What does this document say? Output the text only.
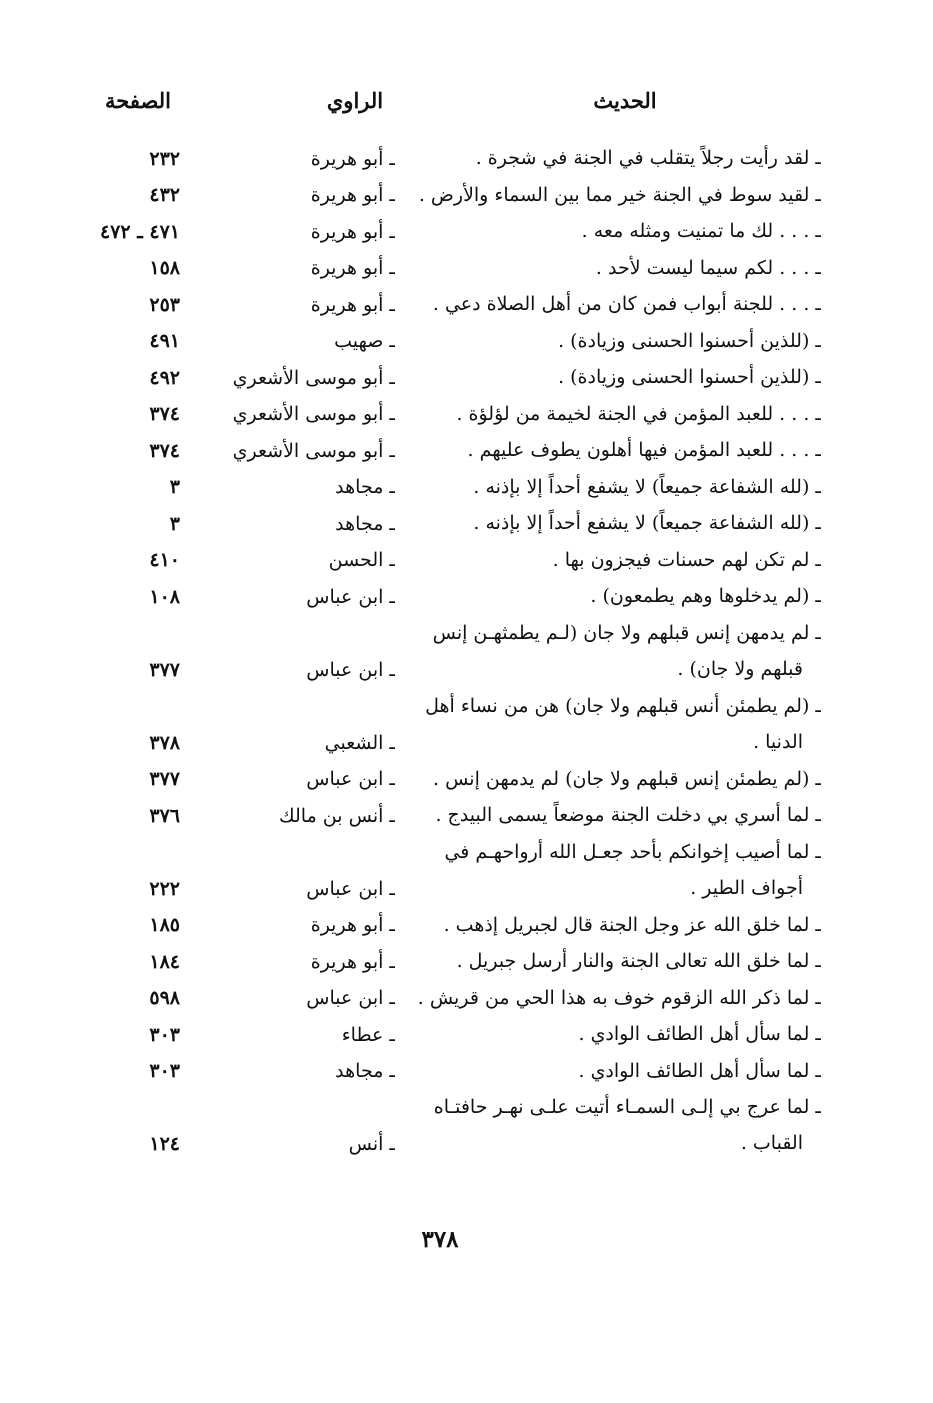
الحديث
الراوي
الصفحة
ـ لقد رأيت رجلاً يتقلب في الجنة في شجرة .
ـ أبو هريرة
٢٣٢
ـ لقيد سوط في الجنة خير مما بين السماء والأرض .
ـ أبو هريرة
٤٣٢
ـ . . . لك ما تمنيت ومثله معه .
ـ أبو هريرة
٤٧١ ـ ٤٧٢
ـ . . . لكم سيما ليست لأحد .
ـ أبو هريرة
١٥٨
ـ . . . للجنة أبواب فمن كان من أهل الصلاة دعي .
ـ أبو هريرة
٢٥٣
ـ (للذين أحسنوا الحسنى وزيادة) .
ـ صهيب
٤٩١
ـ (للذين أحسنوا الحسنى وزيادة) .
ـ أبو موسى الأشعري
٤٩٢
ـ . . . للعبد المؤمن في الجنة لخيمة من لؤلؤة .
ـ أبو موسى الأشعري
٣٧٤
ـ . . . للعبد المؤمن فيها أهلون يطوف عليهم .
ـ أبو موسى الأشعري
٣٧٤
ـ (لله الشفاعة جميعاً) لا يشفع أحداً إلا بإذنه .
ـ مجاهد
٣
ـ (لله الشفاعة جميعاً) لا يشفع أحداً إلا بإذنه .
ـ مجاهد
٣
ـ لم تكن لهم حسنات فيجزون بها .
ـ الحسن
٤١٠
ـ (لم يدخلوها وهم يطمعون) .
ـ ابن عباس
١٠٨
ـ لم يدمهن إنس قبلهم ولا جان (لـم يطمثهـن إنس
قبلهم ولا جان) .
ـ ابن عباس
٣٧٧
ـ (لم يطمئن أنس قبلهم ولا جان) هن من نساء أهل
الدنيا .
ـ الشعبي
٣٧٨
ـ (لم يطمئن إنس قبلهم ولا جان) لم يدمهن إنس .
ـ ابن عباس
٣٧٧
ـ لما أسري بي دخلت الجنة موضعاً يسمى البيدج .
ـ أنس بن مالك
٣٧٦
ـ لما أصيب إخوانكم بأحد جعـل الله أرواحهـم في
أجواف الطير .
ـ ابن عباس
٢٢٢
ـ لما خلق الله عز وجل الجنة قال لجبريل إذهب .
ـ أبو هريرة
١٨٥
ـ لما خلق الله تعالى الجنة والنار أرسل جبريل .
ـ أبو هريرة
١٨٤
ـ لما ذكر الله الزقوم خوف به هذا الحي من قريش .
ـ ابن عباس
٥٩٨
ـ لما سأل أهل الطائف الوادي .
ـ عطاء
٣٠٣
ـ لما سأل أهل الطائف الوادي .
ـ مجاهد
٣٠٣
ـ لما عرج بي إلـى السمـاء أتيت علـى نهـر حافتـاه
القباب .
ـ أنس
١٢٤
٣٧٨
